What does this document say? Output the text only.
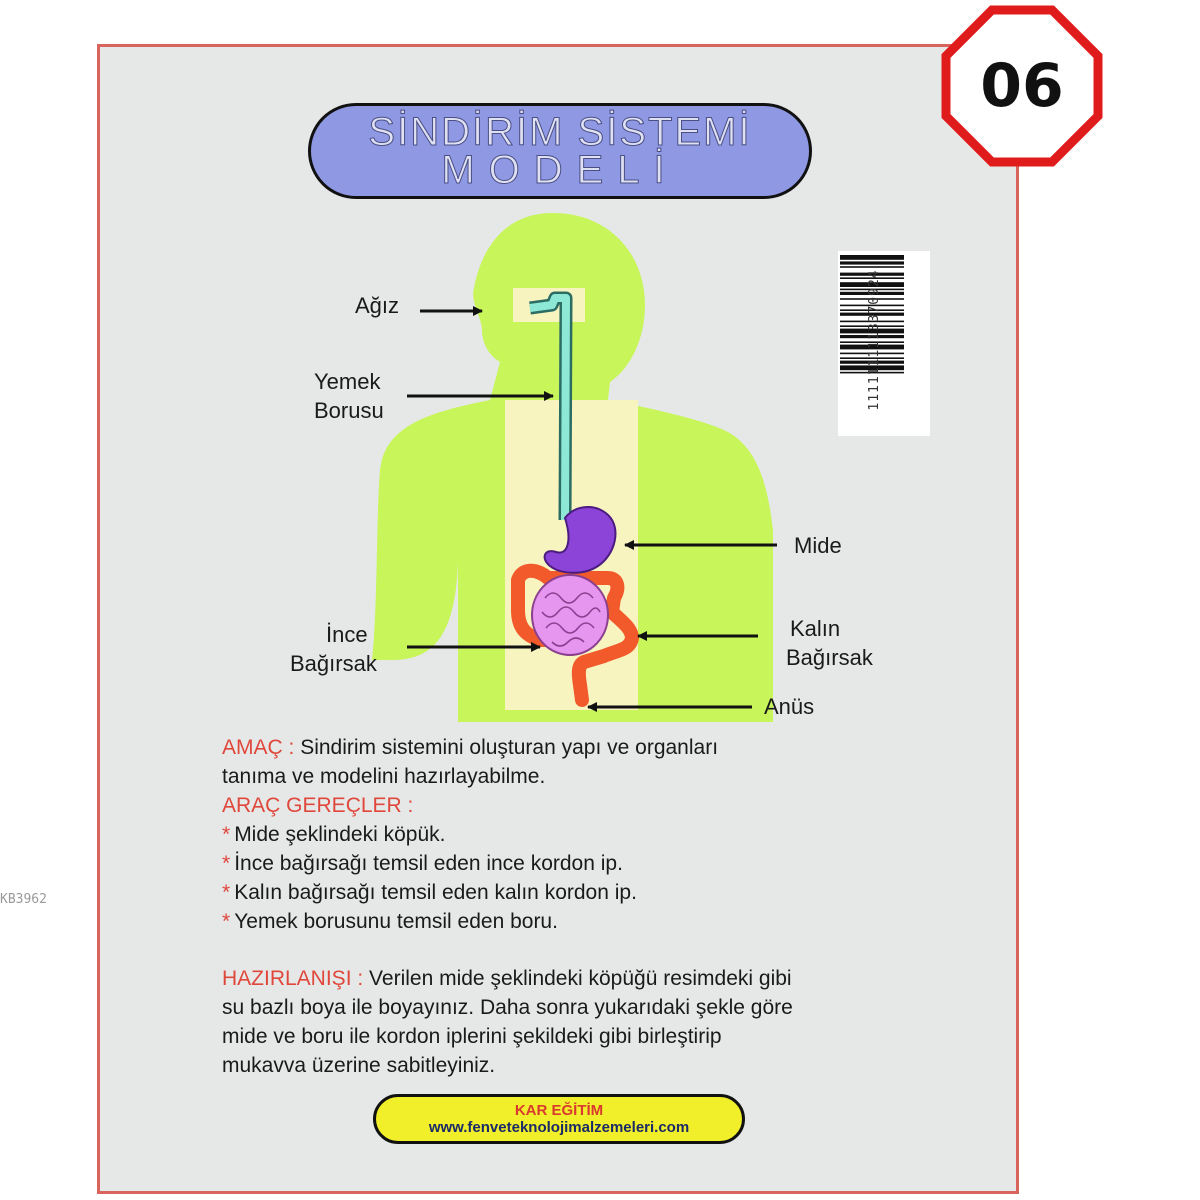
06
SİNDİRİM SİSTEMİ
MODELİ
Ağız
Yemek
Borusu
Mide
İnce
Bağırsak
Kalın
Bağırsak
Anüs
1111111113370924
KB3962
AMAÇ : Sindirim sistemini oluşturan yapı ve organları
tanıma ve modelini hazırlayabilme.
ARAÇ GEREÇLER :
* Mide şeklindeki köpük.
* İnce bağırsağı temsil eden ince kordon ip.
* Kalın bağırsağı temsil eden kalın kordon ip.
* Yemek borusunu temsil eden boru.
HAZIRLANIŞI : Verilen mide şeklindeki köpüğü resimdeki gibi
su bazlı boya ile boyayınız. Daha sonra yukarıdaki şekle göre
mide ve boru ile kordon iplerini şekildeki gibi birleştirip
mukavva üzerine sabitleyiniz.
KAR EĞİTİM
www.fenveteknolojimalzemeleri.com
